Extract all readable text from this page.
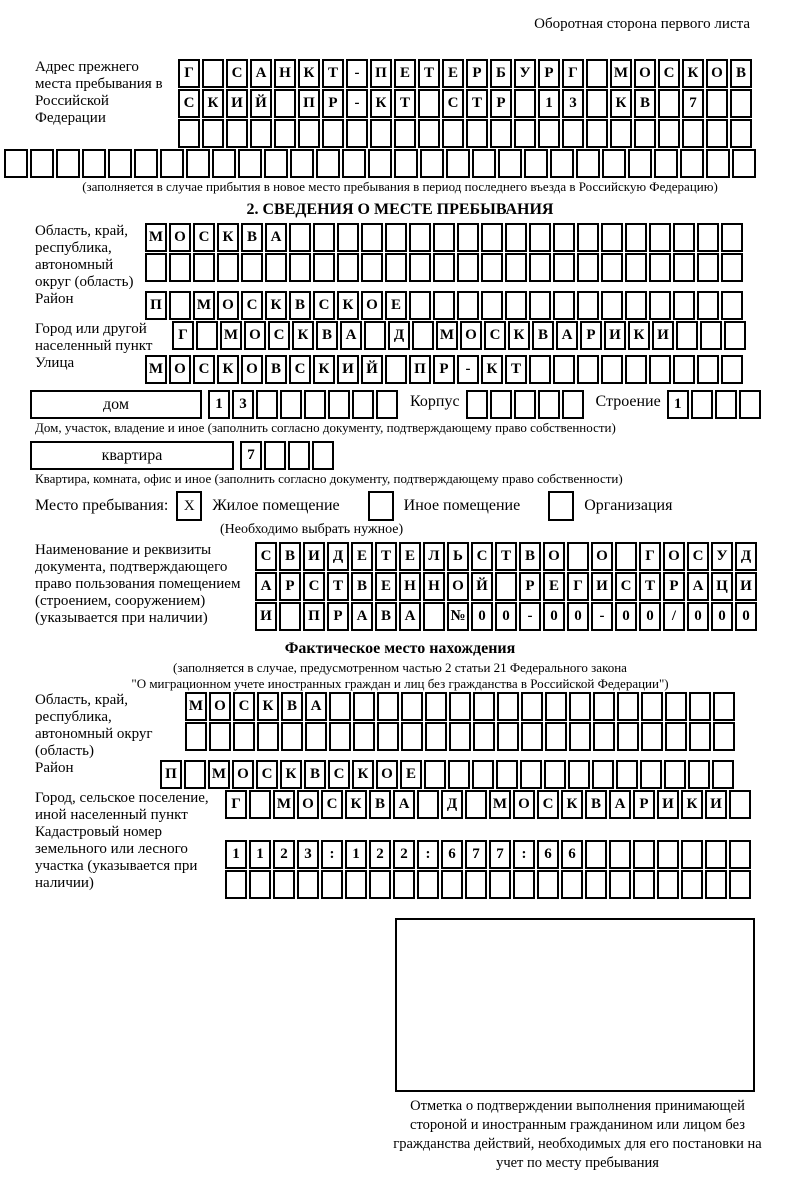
Оборотная сторона первого листа
Адрес прежнего места пребывания в Российской Федерации
Г	С А Н К Т	-	П Е Т Е Р Б У Р Г	М О С К О В
С К И Й	П Р	-	К Т	С Т Р	1	3	К В	7
(заполняется в случае прибытия в новое место пребывания в период последнего въезда в Российскую Федерацию)
2. СВЕДЕНИЯ О МЕСТЕ ПРЕБЫВАНИЯ
Область, край, республика, автономный округ (область)
М О С К В А
Район	П	М О С К В С К О Е
Город или другой населенный пункт
Г	М О С К В А	Д	М О С К В А Р И К И
Улица	М О С К О В С К И Й	П Р	-	К Т
дом	1	3	Корпус	Строение 1
Дом, участок, владение и иное (заполнить согласно документу, подтверждающему право собственности)
квартира	7
Квартира, комната, офис и иное (заполнить согласно документу, подтверждающему право собственности)
Место пребывания:	X	Жилое помещение	Иное помещение	Организация
(Необходимо выбрать нужное)
Наименование и реквизиты документа, подтверждающего право пользования помещением (строением, сооружением) (указывается при наличии)
С В И Д Е Т Е Л Ь С Т В О	О	Г О С У Д
А Р С Т В Е Н Н О Й	Р Е Г И С Т Р А Ц И
И	П Р А В А	№ 0	0	-	0	0	-	0	0	/	0	0	0
Фактическое место нахождения
(заполняется в случае, предусмотренном частью 2 статьи 21 Федерального закона
"О миграционном учете иностранных граждан и лиц без гражданства в Российской Федерации")
Область, край, республика, автономный округ (область)
М О С К В А
Район	П	М О С К В С К О Е
Город, сельское поселение, иной населенный пункт
Г	М О С К В А	Д	М О С К В А Р И К И
Кадастровый номер земельного или лесного участка (указывается при наличии)
1	1	2	3	:	1	2	2	:	6	7	7	:	6	6
Отметка о подтверждении выполнения принимающей стороной и иностранным гражданином или лицом без гражданства действий, необходимых для его постановки на учет по месту пребывания
